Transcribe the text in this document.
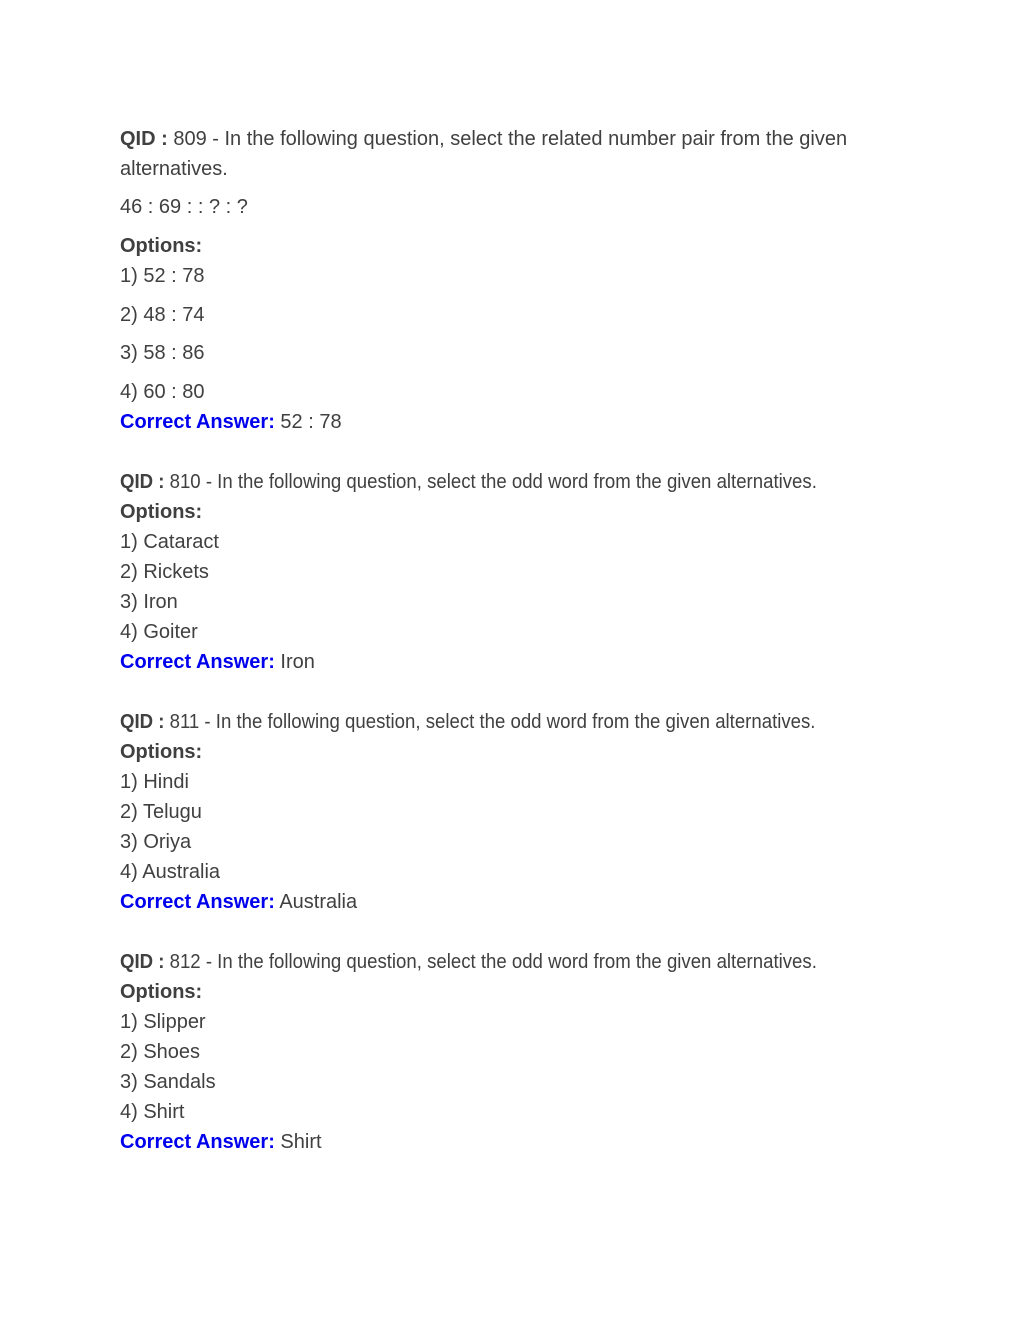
QID : 809 - In the following question, select the related number pair from the given
alternatives.
46 : 69 : : ? : ?
Options:
1) 52 : 78
2) 48 : 74
3) 58 : 86
4) 60 : 80
Correct Answer: 52 : 78
QID : 810 - In the following question, select the odd word from the given alternatives.
Options:
1) Cataract
2) Rickets
3) Iron
4) Goiter
Correct Answer: Iron
QID : 811 - In the following question, select the odd word from the given alternatives.
Options:
1) Hindi
2) Telugu
3) Oriya
4) Australia
Correct Answer: Australia
QID : 812 - In the following question, select the odd word from the given alternatives.
Options:
1) Slipper
2) Shoes
3) Sandals
4) Shirt
Correct Answer: Shirt
